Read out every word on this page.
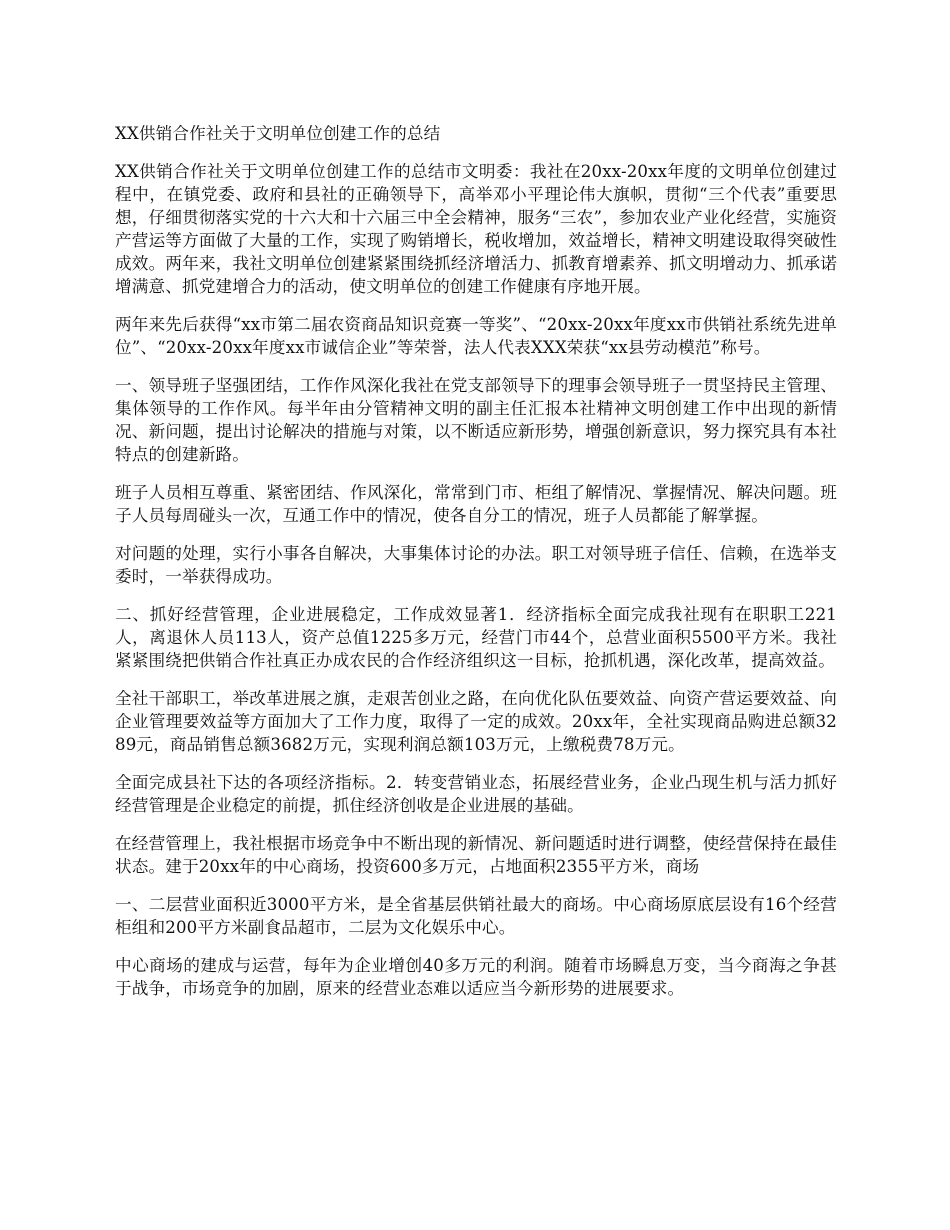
XX供销合作社关于文明单位创建工作的总结

XX供销合作社关于文明单位创建工作的总结市文明委：我社在20xx-20xx年度的文明单位创建过程中，在镇党委、政府和县社的正确领导下，高举邓小平理论伟大旗帜，贯彻“三个代表”重要思想，仔细贯彻落实党的十六大和十六届三中全会精神，服务“三农”，参加农业产业化经营，实施资产营运等方面做了大量的工作，实现了购销增长，税收增加，效益增长，精神文明建设取得突破性成效。两年来，我社文明单位创建紧紧围绕抓经济增活力、抓教育增素养、抓文明增动力、抓承诺增满意、抓党建增合力的活动，使文明单位的创建工作健康有序地开展。

两年来先后获得“xx市第二届农资商品知识竞赛一等奖”、“20xx-20xx年度xx市供销社系统先进单位”、“20xx-20xx年度xx市诚信企业”等荣誉，法人代表XXX荣获“xx县劳动模范”称号。

一、领导班子坚强团结，工作作风深化我社在党支部领导下的理事会领导班子一贯坚持民主管理、集体领导的工作作风。每半年由分管精神文明的副主任汇报本社精神文明创建工作中出现的新情况、新问题，提出讨论解决的措施与对策，以不断适应新形势，增强创新意识，努力探究具有本社特点的创建新路。

班子人员相互尊重、紧密团结、作风深化，常常到门市、柜组了解情况、掌握情况、解决问题。班子人员每周碰头一次，互通工作中的情况，使各自分工的情况，班子人员都能了解掌握。

对问题的处理，实行小事各自解决，大事集体讨论的办法。职工对领导班子信任、信赖，在选举支委时，一举获得成功。

二、抓好经营管理，企业进展稳定，工作成效显著1．经济指标全面完成我社现有在职职工221人，离退休人员113人，资产总值1225多万元，经营门市44个，总营业面积5500平方米。我社紧紧围绕把供销合作社真正办成农民的合作经济组织这一目标，抢抓机遇，深化改革，提高效益。

全社干部职工，举改革进展之旗，走艰苦创业之路，在向优化队伍要效益、向资产营运要效益、向企业管理要效益等方面加大了工作力度，取得了一定的成效。20xx年，全社实现商品购进总额3289元，商品销售总额3682万元，实现利润总额103万元，上缴税费78万元。

全面完成县社下达的各项经济指标。2．转变营销业态，拓展经营业务，企业凸现生机与活力抓好经营管理是企业稳定的前提，抓住经济创收是企业进展的基础。

在经营管理上，我社根据市场竞争中不断出现的新情况、新问题适时进行调整，使经营保持在最佳状态。建于20xx年的中心商场，投资600多万元，占地面积2355平方米，商场

一、二层营业面积近3000平方米，是全省基层供销社最大的商场。中心商场原底层设有16个经营柜组和200平方米副食品超市，二层为文化娱乐中心。

中心商场的建成与运营，每年为企业增创40多万元的利润。随着市场瞬息万变，当今商海之争甚于战争，市场竞争的加剧，原来的经营业态难以适应当今新形势的进展要求。
